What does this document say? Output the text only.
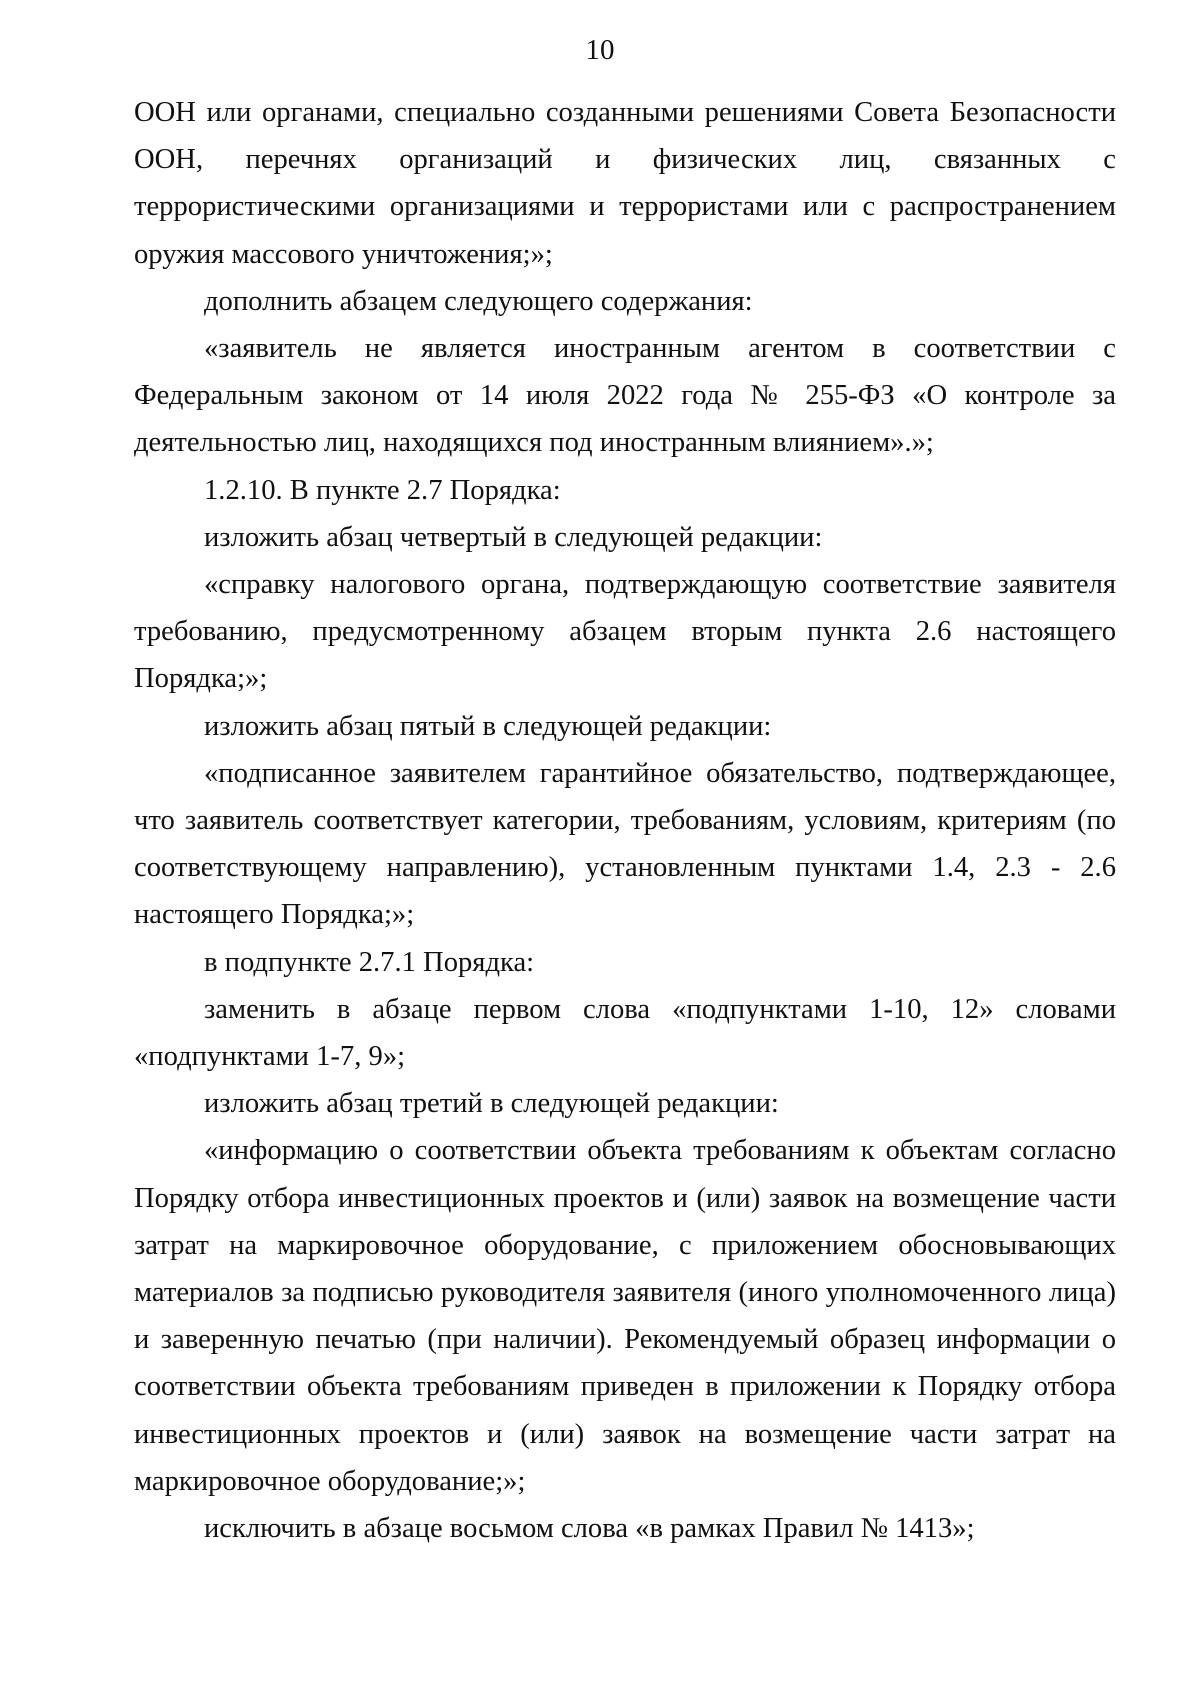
10

ООН или органами, специально созданными решениями Совета Безопасности ООН, перечнях организаций и физических лиц, связанных с террористическими организациями и террористами или с распространением оружия массового уничтожения;»;

дополнить абзацем следующего содержания:

«заявитель не является иностранным агентом в соответствии с Федеральным законом от 14 июля 2022 года № 255-ФЗ «О контроле за деятельностью лиц, находящихся под иностранным влиянием».»;

1.2.10. В пункте 2.7 Порядка:

изложить абзац четвертый в следующей редакции:

«справку налогового органа, подтверждающую соответствие заявителя требованию, предусмотренному абзацем вторым пункта 2.6 настоящего Порядка;»;

изложить абзац пятый в следующей редакции:

«подписанное заявителем гарантийное обязательство, подтверждающее, что заявитель соответствует категории, требованиям, условиям, критериям (по соответствующему направлению), установленным пунктами 1.4, 2.3 - 2.6 настоящего Порядка;»;

в подпункте 2.7.1 Порядка:

заменить в абзаце первом слова «подпунктами 1-10, 12» словами «подпунктами 1-7, 9»;

изложить абзац третий в следующей редакции:

«информацию о соответствии объекта требованиям к объектам согласно Порядку отбора инвестиционных проектов и (или) заявок на возмещение части затрат на маркировочное оборудование, с приложением обосновывающих материалов за подписью руководителя заявителя (иного уполномоченного лица) и заверенную печатью (при наличии). Рекомендуемый образец информации о соответствии объекта требованиям приведен в приложении к Порядку отбора инвестиционных проектов и (или) заявок на возмещение части затрат на маркировочное оборудование;»;

исключить в абзаце восьмом слова «в рамках Правил № 1413»;
